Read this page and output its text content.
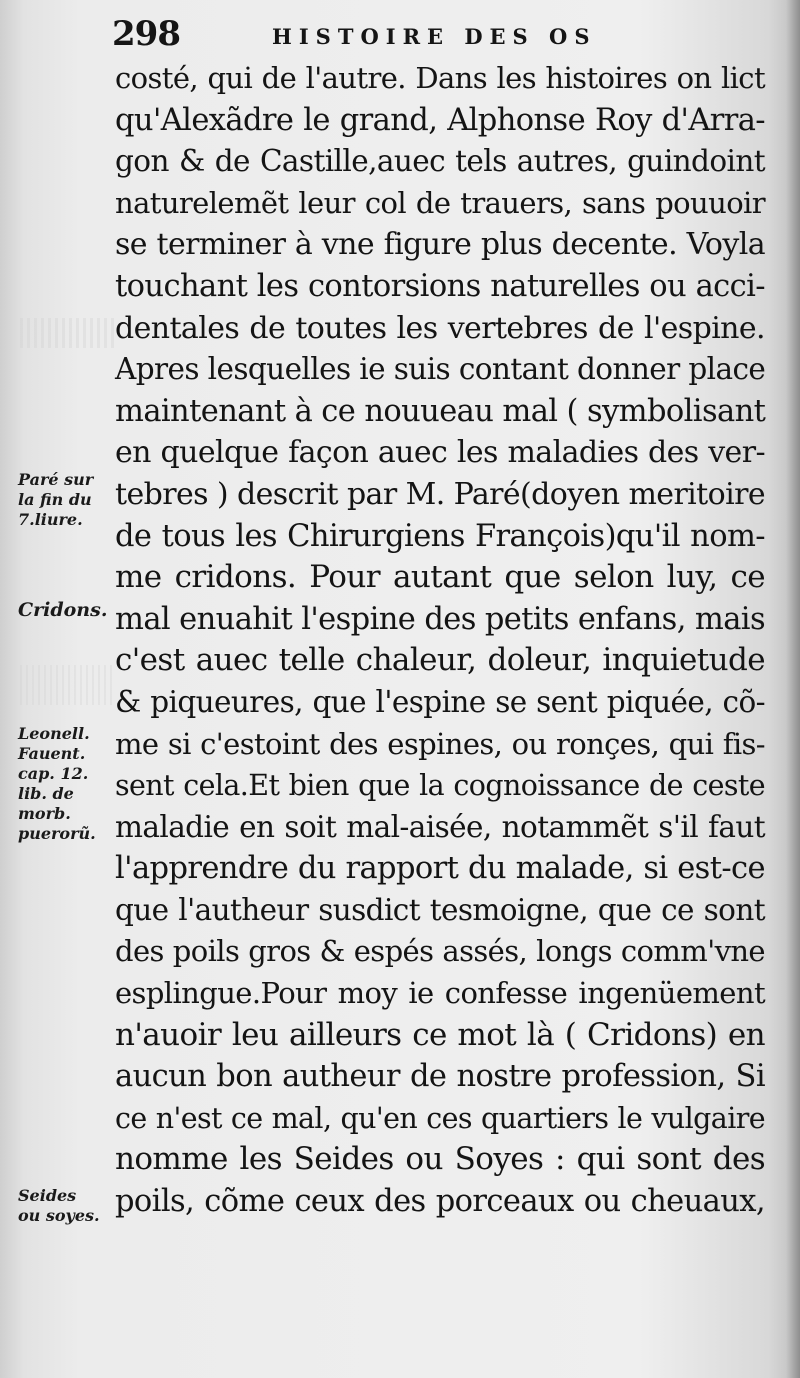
298	HISTOIRE DES OS
Paré sur
la fin du
7.liure.
Cridons.
Leonell.
Fauent.
cap. 12.
lib. de
morb.
puerorũ.
Seides
ou soyes.
costé, qui de l'autre. Dans les histoires on lict
qu'Alexãdre le grand, Alphonse Roy d'Arra-
gon & de Castille,auec tels autres, guindoint
naturelemẽt leur col de trauers, sans pouuoir
se terminer à vne figure plus decente. Voyla
touchant les contorsions naturelles ou acci-
dentales de toutes les vertebres de l'espine.
Apres lesquelles ie suis contant donner place
maintenant à ce nouueau mal ( symbolisant
en quelque façon auec les maladies des ver-
tebres ) descrit par M. Paré(doyen meritoire
de tous les Chirurgiens François)qu'il nom-
me cridons. Pour autant que selon luy, ce
mal enuahit l'espine des petits enfans, mais
c'est auec telle chaleur, doleur, inquietude
& piqueures, que l'espine se sent piquée, cõ-
me si c'estoint des espines, ou ronçes, qui fis-
sent cela.Et bien que la cognoissance de ceste
maladie en soit mal-aisée, notammẽt s'il faut
l'apprendre du rapport du malade, si est-ce
que l'autheur susdict tesmoigne, que ce sont
des poils gros & espés assés, longs comm'vne
esplingue.Pour moy ie confesse ingenüement
n'auoir leu ailleurs ce mot là ( Cridons) en
aucun bon autheur de nostre profession, Si
ce n'est ce mal, qu'en ces quartiers le vulgaire
nomme les Seides ou Soyes : qui sont des
poils, cõme ceux des porceaux ou cheuaux,
